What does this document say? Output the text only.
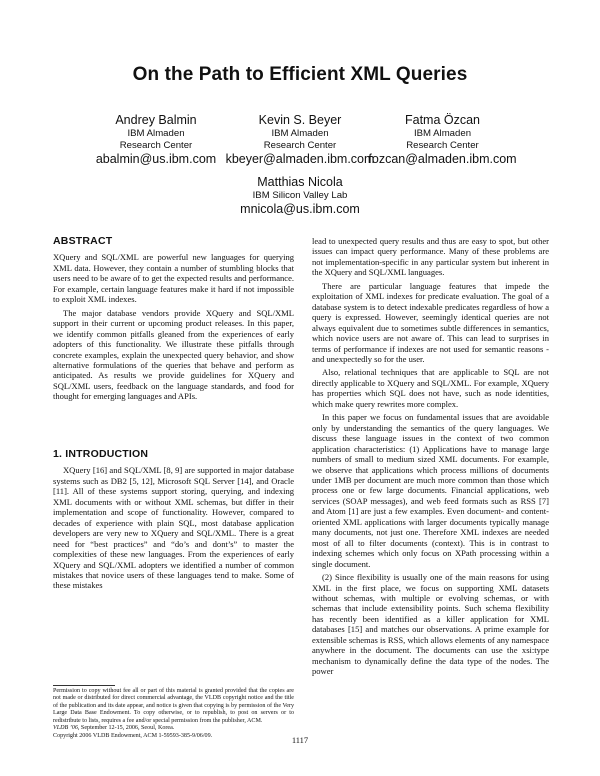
On the Path to Efficient XML Queries
Andrey Balmin
IBM Almaden
Research Center
abalmin@us.ibm.com
Kevin S. Beyer
IBM Almaden
Research Center
kbeyer@almaden.ibm.com
Fatma Özcan
IBM Almaden
Research Center
fozcan@almaden.ibm.com
Matthias Nicola
IBM Silicon Valley Lab
mnicola@us.ibm.com
ABSTRACT

XQuery and SQL/XML are powerful new languages for querying XML data. However, they contain a number of stumbling blocks that users need to be aware of to get the expected results and performance. For example, certain language features make it hard if not impossible to exploit XML indexes.

The major database vendors provide XQuery and SQL/XML support in their current or upcoming product releases. In this paper, we identify common pitfalls gleaned from the experiences of early adopters of this functionality. We illustrate these pitfalls through concrete examples, explain the unexpected query behavior, and show alternative formulations of the queries that behave and perform as anticipated. As results we provide guidelines for XQuery and SQL/XML users, feedback on the language standards, and food for thought for emerging languages and APIs.

1. INTRODUCTION

XQuery [16] and SQL/XML [8, 9] are supported in major database systems such as DB2 [5, 12], Microsoft SQL Server [14], and Oracle [11]. All of these systems support storing, querying, and indexing XML documents with or without XML schemas, but differ in their implementation and scope of functionality. However, compared to decades of experience with plain SQL, most database application developers are very new to XQuery and SQL/XML. There is a great need for “best practices” and “do’s and dont’s” to master the complexities of these new languages. From the experiences of early XQuery and SQL/XML adopters we identified a number of common mistakes that novice users of these languages tend to make. Some of these mistakes

Permission to copy without fee all or part of this material is granted provided that the copies are not made or distributed for direct commercial advantage, the VLDB copyright notice and the title of the publication and its date appear, and notice is given that copying is by permission of the Very Large Data Base Endowment. To copy otherwise, or to republish, to post on servers or to redistribute to lists, requires a fee and/or special permission from the publisher, ACM.

VLDB ’06, September 12-15, 2006, Seoul, Korea.

Copyright 2006 VLDB Endowment, ACM 1-59593-385-9/06/09.

lead to unexpected query results and thus are easy to spot, but other issues can impact query performance. Many of these problems are not implementation-specific in any particular system but inherent in the XQuery and SQL/XML languages.

There are particular language features that impede the exploitation of XML indexes for predicate evaluation. The goal of a database system is to detect indexable predicates regardless of how a query is expressed. However, seemingly identical queries are not always equivalent due to sometimes subtle differences in semantics, which novice users are not aware of. This can lead to surprises in terms of performance if indexes are not used for semantic reasons - and unexpectedly so for the user.

Also, relational techniques that are applicable to SQL are not directly applicable to XQuery and SQL/XML. For example, XQuery has properties which SQL does not have, such as node identities, which make query rewrites more complex.

In this paper we focus on fundamental issues that are avoidable only by understanding the semantics of the query languages. We discuss these language issues in the context of two common application characteristics: (1) Applications have to manage large numbers of small to medium sized XML documents. For example, we observe that applications which process millions of documents under 1MB per document are much more common than those which process one or few large documents. Financial applications, web services (SOAP messages), and web feed formats such as RSS [7] and Atom [1] are just a few examples. Even document- and content-oriented XML applications with larger documents typically manage many documents, not just one. Therefore XML indexes are needed most of all to filter documents (context). This is in contrast to indexing schemes which only focus on XPath processing within a single document.

(2) Since flexibility is usually one of the main reasons for using XML in the first place, we focus on supporting XML datasets without schemas, with multiple or evolving schemas, or with schemas that include extensibility points. Such schema flexibility has recently been identified as a killer application for XML databases [15] and matches our observations. A prime example for extensible schemas is RSS, which allows elements of any namespace anywhere in the document. The documents can use the xsi:type mechanism to dynamically define the data type of the nodes. The power

1117
